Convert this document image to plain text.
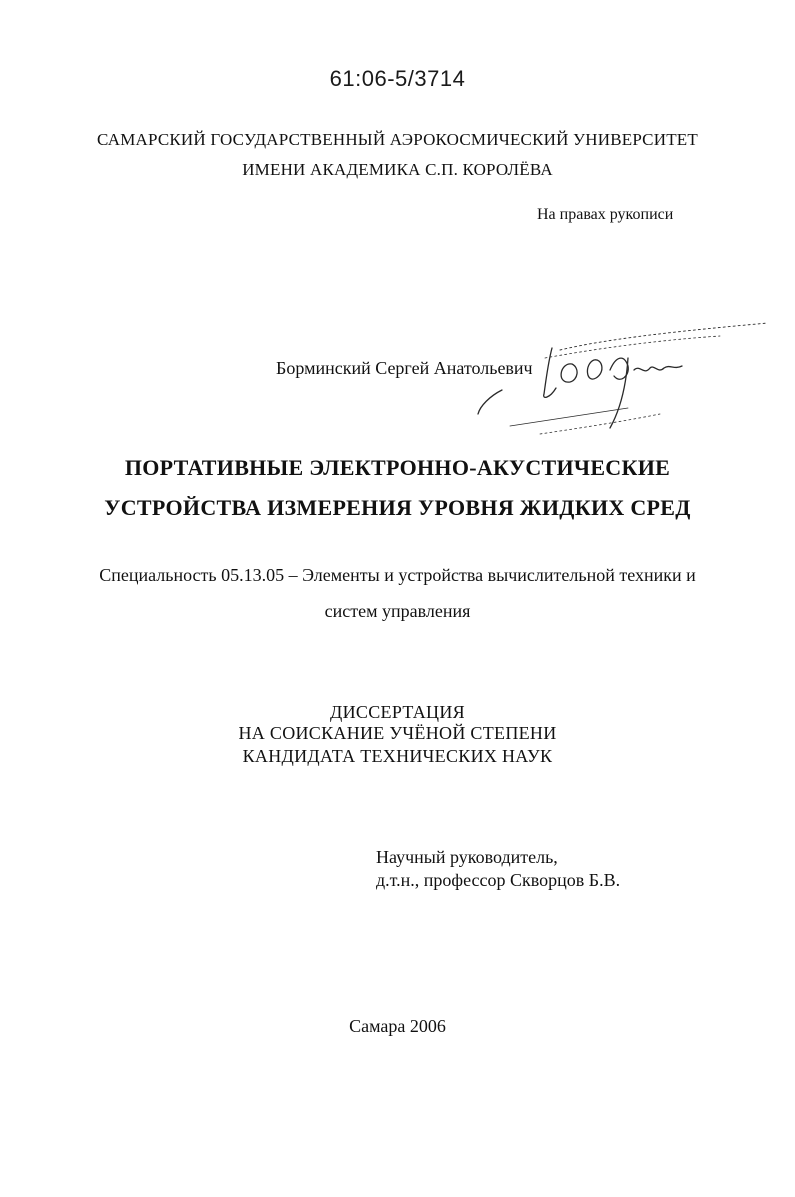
61:06-5/3714
САМАРСКИЙ ГОСУДАРСТВЕННЫЙ АЭРОКОСМИЧЕСКИЙ УНИВЕРСИТЕТ
ИМЕНИ АКАДЕМИКА С.П. КОРОЛЁВА
На правах рукописи
Борминский Сергей Анатольевич
ПОРТАТИВНЫЕ ЭЛЕКТРОННО-АКУСТИЧЕСКИЕ
УСТРОЙСТВА ИЗМЕРЕНИЯ УРОВНЯ ЖИДКИХ СРЕД
Специальность 05.13.05 – Элементы и устройства вычислительной техники и
систем управления
ДИССЕРТАЦИЯ
НА СОИСКАНИЕ УЧЁНОЙ СТЕПЕНИ
КАНДИДАТА ТЕХНИЧЕСКИХ НАУК
Научный руководитель,
д.т.н., профессор Скворцов Б.В.
Самара 2006
